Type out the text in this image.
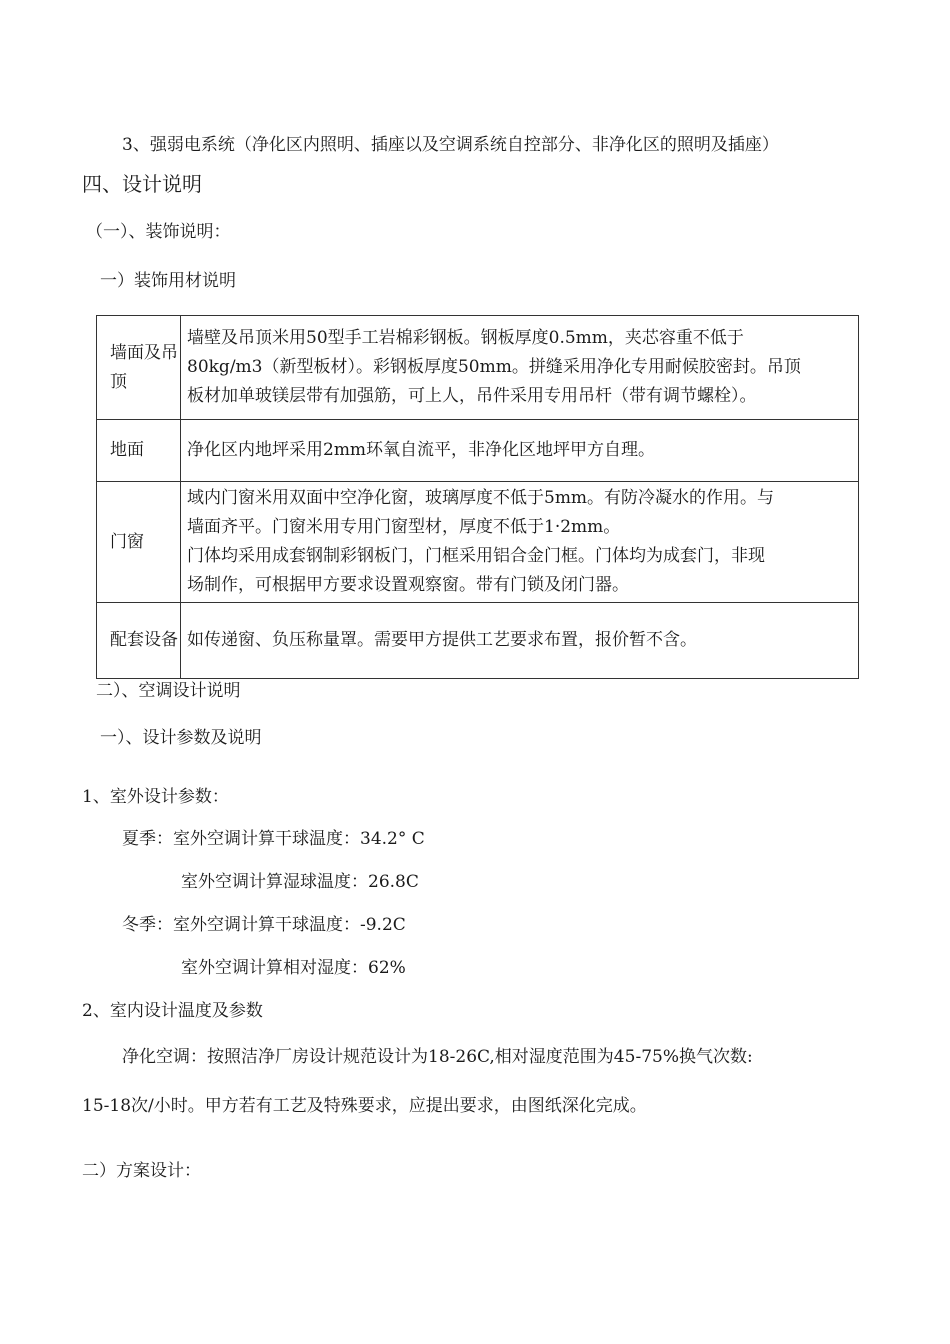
3、强弱电系统（净化区内照明、插座以及空调系统自控部分、非净化区的照明及插座）
四、设计说明
（一）、装饰说明：
一）装饰用材说明
墙面及吊顶	墙壁及吊顶米用50型手工岩棉彩钢板。钢板厚度0.5mm，夹芯容重不低于
80kg/m3（新型板材）。彩钢板厚度50mm。拼缝采用净化专用耐候胶密封。吊顶
板材加单玻镁层带有加强筋，可上人，吊件采用专用吊杆（带有调节螺栓）。

地面	净化区内地坪采用2mm环氧自流平，非净化区地坪甲方自理。

门窗	域内门窗米用双面中空净化窗，玻璃厚度不低于5mm。有防冷凝水的作用。与
墙面齐平。门窗米用专用门窗型材，厚度不低于1·2mm。
门体均采用成套钢制彩钢板门，门框采用铝合金门框。门体均为成套门，非现
场制作，可根据甲方要求设置观察窗。带有门锁及闭门器。

配套设备	如传递窗、负压称量罩。需要甲方提供工艺要求布置，报价暂不含。
二）、空调设计说明
一）、设计参数及说明
1、室外设计参数：
夏季：室外空调计算干球温度：34.2° C
室外空调计算湿球温度：26.8C
冬季：室外空调计算干球温度：-9.2C
室外空调计算相对湿度：62%
2、室内设计温度及参数
净化空调：按照洁净厂房设计规范设计为18-26C,相对湿度范围为45-75%换气次数:
15-18次/小时。甲方若有工艺及特殊要求，应提出要求，由图纸深化完成。
二）方案设计：
